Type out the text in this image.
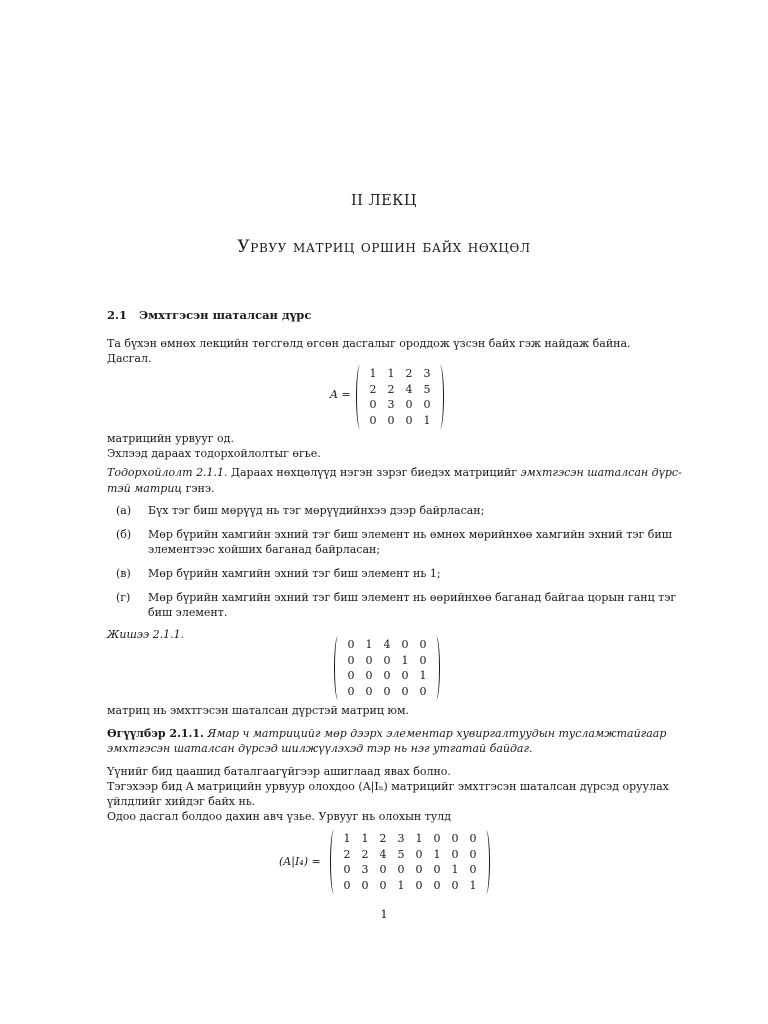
II ЛЕКЦ
Урвуу матриц оршин байх нөхцөл
2.1 Эмхтгэсэн шаталсан дүрс
Та бүхэн өмнөх лекцийн төгсгөлд өгсөн дасгалыг ороддож үзсэн байх гэж найдаж байна.
Дасгал.
A =
1	1	2	3
2	2	4	5
0	3	0	0
0	0	0	1
матрицийн урвууг од.
Эхлээд дараах тодорхойлолтыг өгье.
Тодорхойлолт 2.1.1. Дараах нөхцөлүүд нэгэн зэрэг биедэх матрицийг эмхтгэсэн шаталсан дүрс-
тэй матриц гэнэ.
(а) Бүх тэг биш мөрүүд нь тэг мөрүүдийнхээ дээр байрласан;
(б) Мөр бүрийн хамгийн эхний тэг биш элемент нь өмнөх мөрийнхөө хамгийн эхний тэг биш
элементээс хойших баганад байрласан;
(в) Мөр бүрийн хамгийн эхний тэг биш элемент нь 1;
(г) Мөр бүрийн хамгийн эхний тэг биш элемент нь өөрийнхөө баганад байгаа цорын ганц тэг
биш элемент.
Жишээ 2.1.1.
0	1	4	0	0
0	0	0	1	0
0	0	0	0	1
0	0	0	0	0
матриц нь эмхтгэсэн шаталсан дүрстэй матриц юм.
Өгүүлбэр 2.1.1. Ямар ч матрицийг мөр дээрх элементар хувиргалтуудын тусламжтайгаар
эмхтгэсэн шаталсан дүрсэд шилжүүлэхэд тэр нь нэг утгатай байдаг.
Үүнийг бид цаашид баталгаагүйгээр ашиглаад явах болно.
Тэгэхээр бид A матрицийн урвуур олохдоо (A|Iₙ) матрицийг эмхтгэсэн шаталсан дүрсэд оруулах
үйлдлийг хийдэг байх нь.
Одоо дасгал болдоо дахин авч үзье. Урвууг нь олохын тулд
(A|I₄) =
1	1	2	3	1	0	0	0
2	2	4	5	0	1	0	0
0	3	0	0	0	0	1	0
0	0	0	1	0	0	0	1
1
